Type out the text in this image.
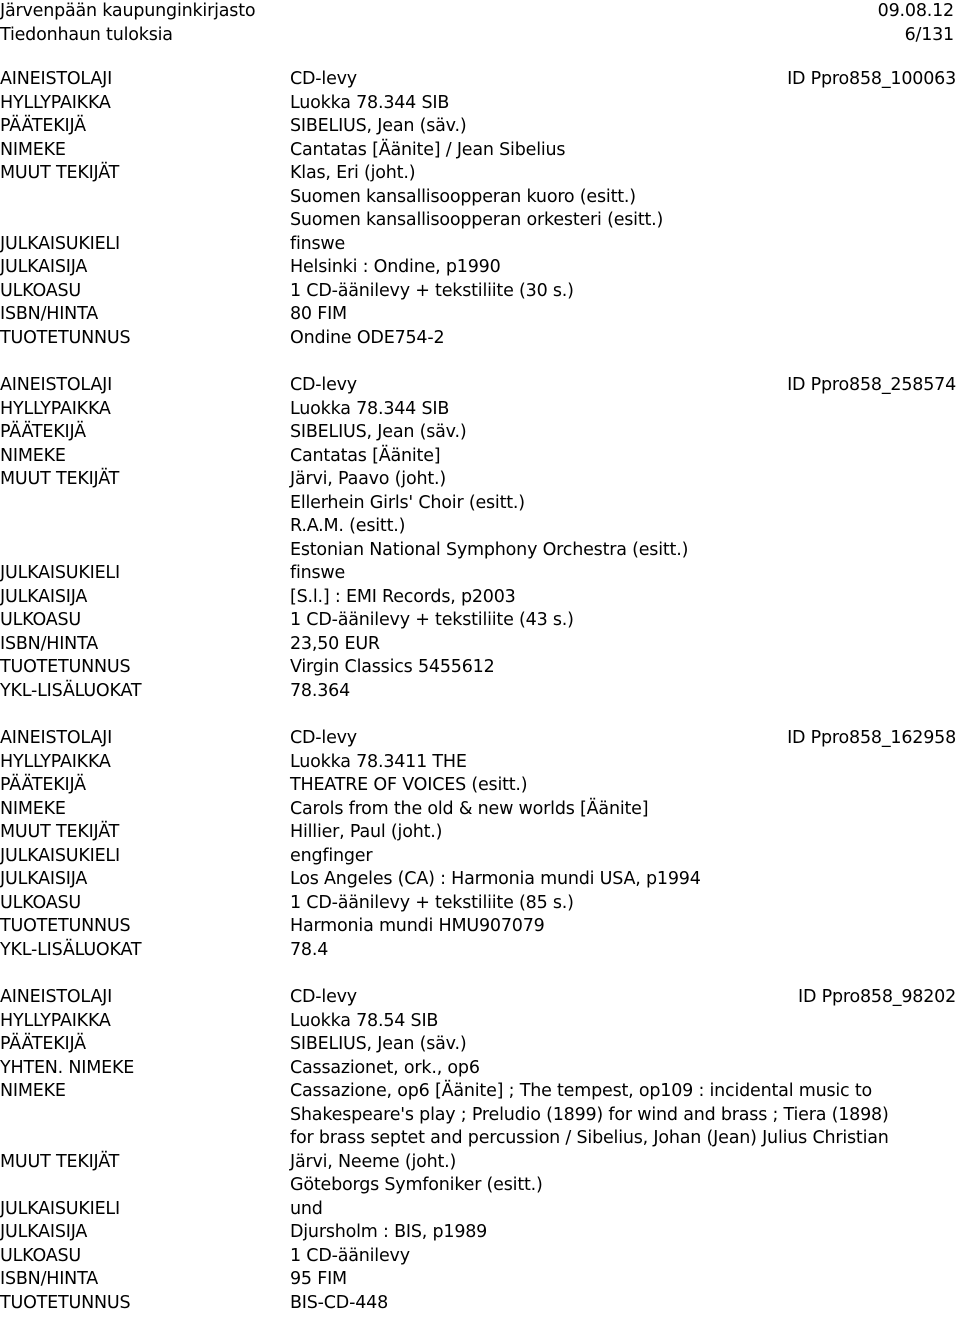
Järvenpään kaupunginkirjasto	09.08.12
Tiedonhaun tuloksia	6/131
AINEISTOLAJI	CD-levy	ID Ppro858_100063
HYLLYPAIKKA	Luokka 78.344 SIB
PÄÄTEKIJÄ	SIBELIUS, Jean (säv.)
NIMEKE	Cantatas [Äänite] / Jean Sibelius
MUUT TEKIJÄT	Klas, Eri (joht.)
Suomen kansallisoopperan kuoro (esitt.)
Suomen kansallisoopperan orkesteri (esitt.)
JULKAISUKIELI	finswe
JULKAISIJA	Helsinki : Ondine, p1990
ULKOASU	1 CD-äänilevy + tekstiliite (30 s.)
ISBN/HINTA	80 FIM
TUOTETUNNUS	Ondine ODE754-2
AINEISTOLAJI	CD-levy	ID Ppro858_258574
HYLLYPAIKKA	Luokka 78.344 SIB
PÄÄTEKIJÄ	SIBELIUS, Jean (säv.)
NIMEKE	Cantatas [Äänite]
MUUT TEKIJÄT	Järvi, Paavo (joht.)
Ellerhein Girls' Choir (esitt.)
R.A.M. (esitt.)
Estonian National Symphony Orchestra (esitt.)
JULKAISUKIELI	finswe
JULKAISIJA	[S.l.] : EMI Records, p2003
ULKOASU	1 CD-äänilevy + tekstiliite (43 s.)
ISBN/HINTA	23,50 EUR
TUOTETUNNUS	Virgin Classics 5455612
YKL-LISÄLUOKAT	78.364
AINEISTOLAJI	CD-levy	ID Ppro858_162958
HYLLYPAIKKA	Luokka 78.3411 THE
PÄÄTEKIJÄ	THEATRE OF VOICES (esitt.)
NIMEKE	Carols from the old & new worlds [Äänite]
MUUT TEKIJÄT	Hillier, Paul (joht.)
JULKAISUKIELI	engfinger
JULKAISIJA	Los Angeles (CA) : Harmonia mundi USA, p1994
ULKOASU	1 CD-äänilevy + tekstiliite (85 s.)
TUOTETUNNUS	Harmonia mundi HMU907079
YKL-LISÄLUOKAT	78.4
AINEISTOLAJI	CD-levy	ID Ppro858_98202
HYLLYPAIKKA	Luokka 78.54 SIB
PÄÄTEKIJÄ	SIBELIUS, Jean (säv.)
YHTEN. NIMEKE	Cassazionet, ork., op6
NIMEKE	Cassazione, op6 [Äänite] ; The tempest, op109 : incidental music to
Shakespeare's play ; Preludio (1899) for wind and brass ; Tiera (1898)
for brass septet and percussion / Sibelius, Johan (Jean) Julius Christian
MUUT TEKIJÄT	Järvi, Neeme (joht.)
Göteborgs Symfoniker (esitt.)
JULKAISUKIELI	und
JULKAISIJA	Djursholm : BIS, p1989
ULKOASU	1 CD-äänilevy
ISBN/HINTA	95 FIM
TUOTETUNNUS	BIS-CD-448
